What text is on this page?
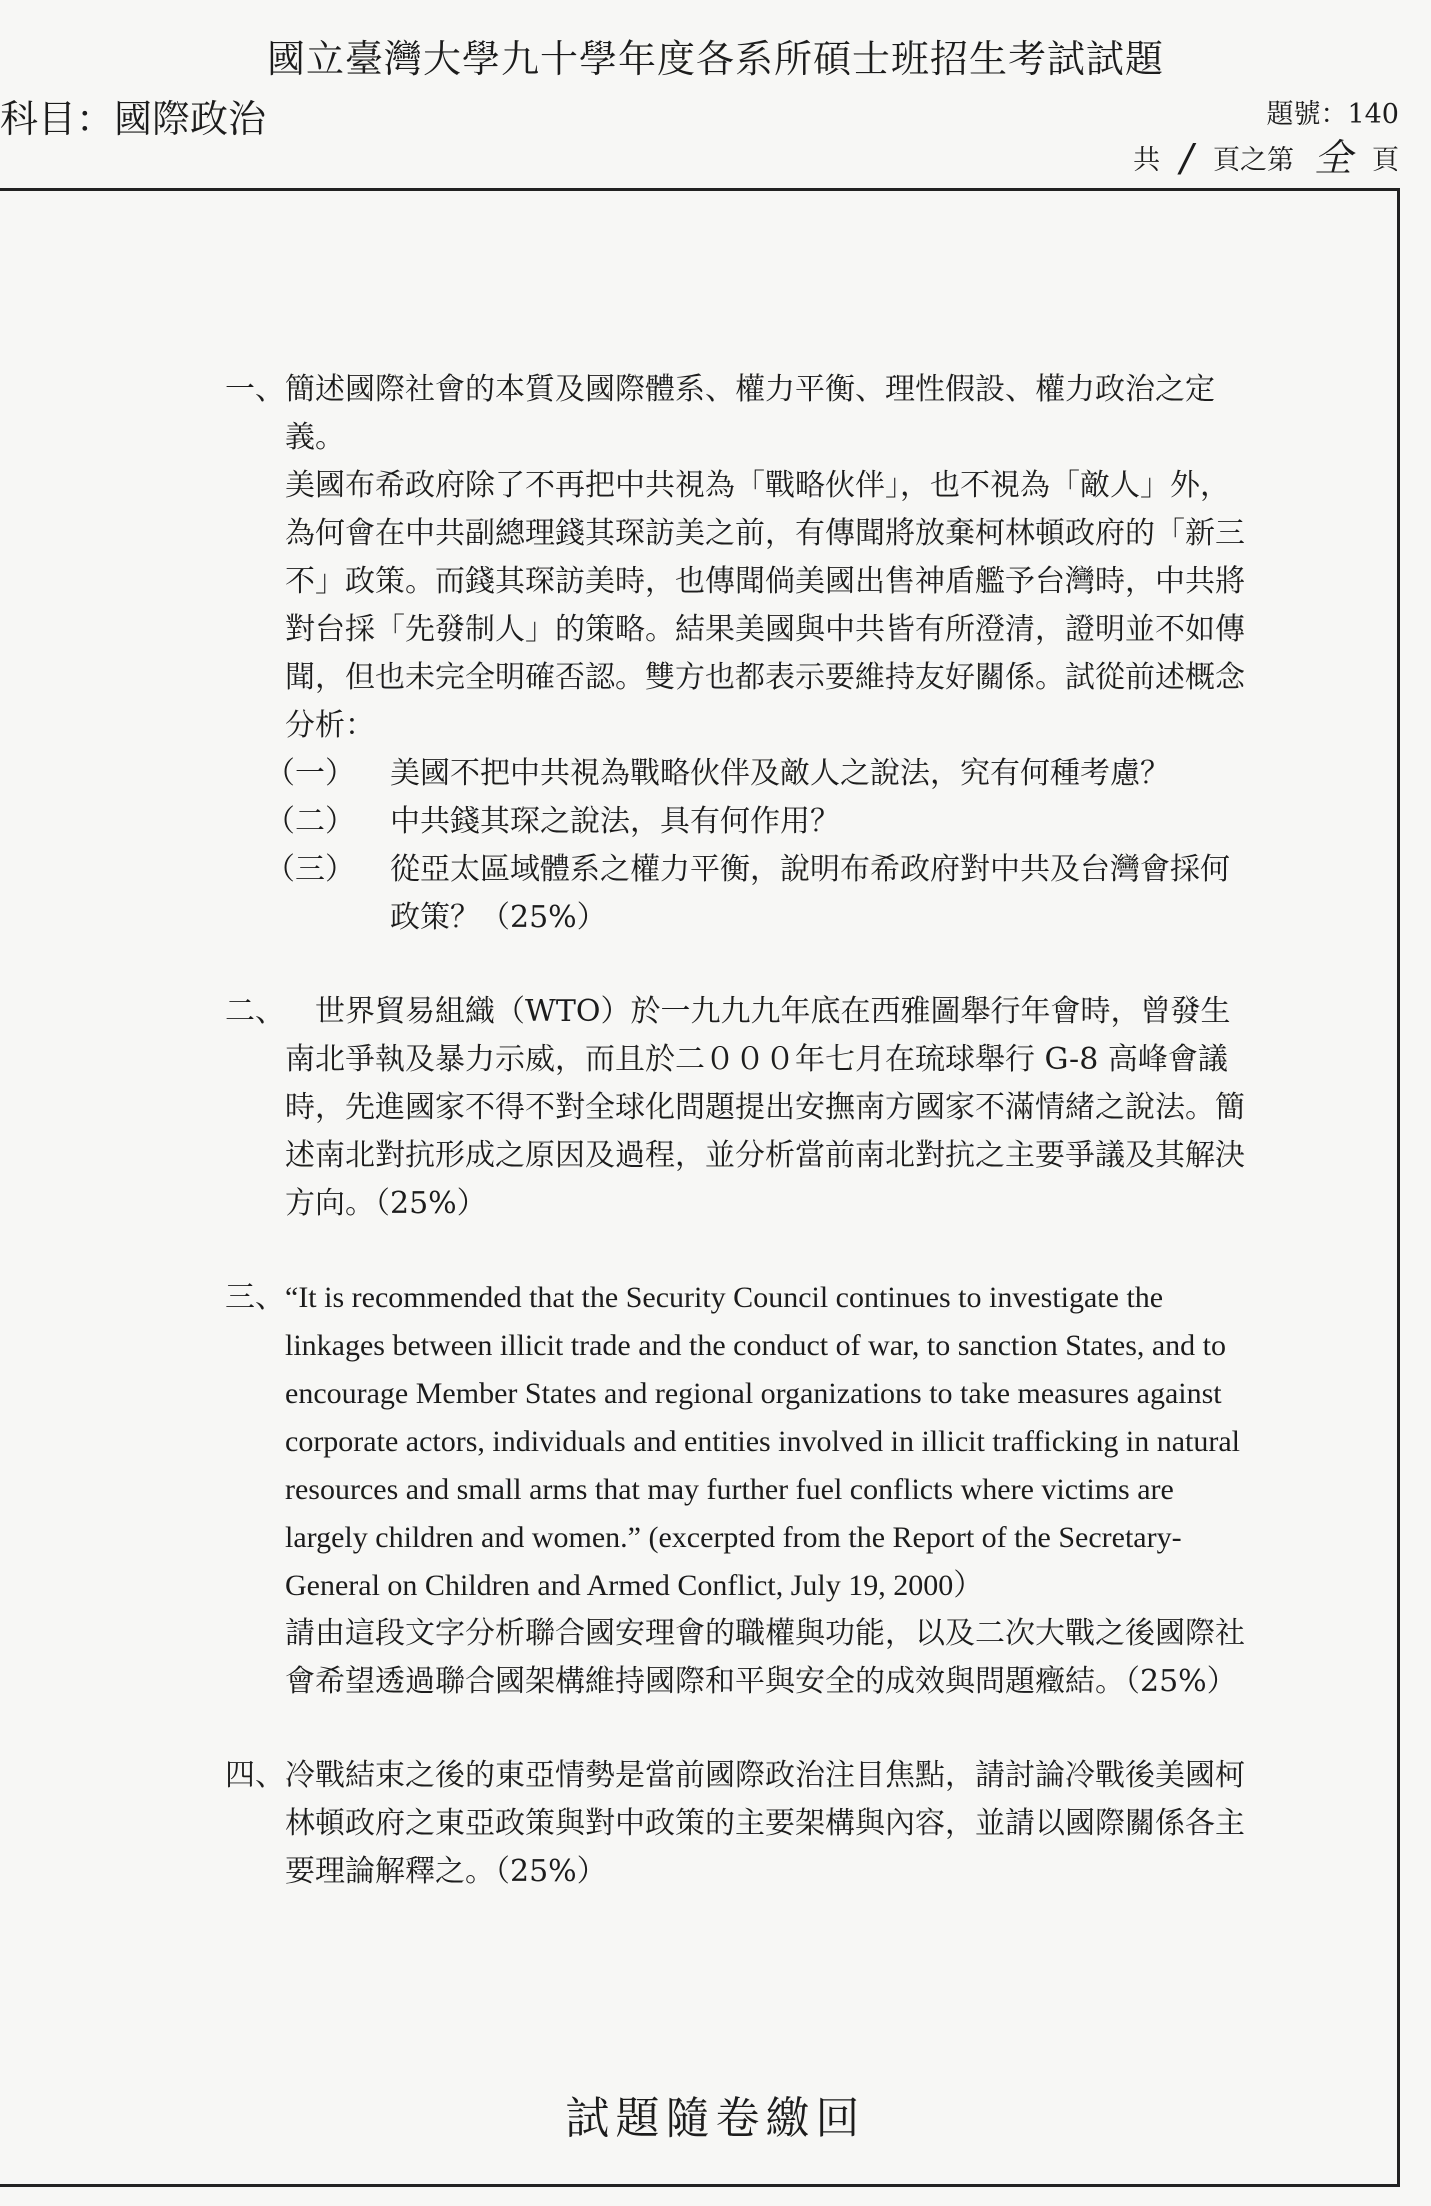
國立臺灣大學九十學年度各系所碩士班招生考試試題
科目：國際政治	題號：140
共 / 頁之第 全 頁
一、 簡述國際社會的本質及國際體系、權力平衡、理性假設、權力政治之定義。

美國布希政府除了不再把中共視為「戰略伙伴」，也不視為「敵人」外，為何會在中共副總理錢其琛訪美之前，有傳聞將放棄柯林頓政府的「新三不」政策。而錢其琛訪美時，也傳聞倘美國出售神盾艦予台灣時，中共將對台採「先發制人」的策略。結果美國與中共皆有所澄清，證明並不如傳聞，但也未完全明確否認。雙方也都表示要維持友好關係。試從前述概念分析：

（一） 美國不把中共視為戰略伙伴及敵人之說法，究有何種考慮？
（二） 中共錢其琛之說法，具有何作用？
（三） 從亞太區域體系之權力平衡，說明布希政府對中共及台灣會採何政策？（25%）
二、 　世界貿易組織（WTO）於一九九九年底在西雅圖舉行年會時，曾發生南北爭執及暴力示威，而且於二０００年七月在琉球舉行 G-8 高峰會議時，先進國家不得不對全球化問題提出安撫南方國家不滿情緒之說法。簡述南北對抗形成之原因及過程，並分析當前南北對抗之主要爭議及其解決方向。（25%）

三、 “It is recommended that the Security Council continues to investigate the linkages between illicit trade and the conduct of war, to sanction States, and to encourage Member States and regional organizations to take measures against corporate actors, individuals and entities involved in illicit trafficking in natural resources and small arms that may further fuel conflicts where victims are largely children and women.” (excerpted from the Report of the Secretary-General on Children and Armed Conflict, July 19, 2000）

請由這段文字分析聯合國安理會的職權與功能，以及二次大戰之後國際社會希望透過聯合國架構維持國際和平與安全的成效與問題癥結。（25%）

四、 冷戰結束之後的東亞情勢是當前國際政治注目焦點，請討論冷戰後美國柯林頓政府之東亞政策與對中政策的主要架構與內容，並請以國際關係各主要理論解釋之。（25%）

試題隨卷繳回
